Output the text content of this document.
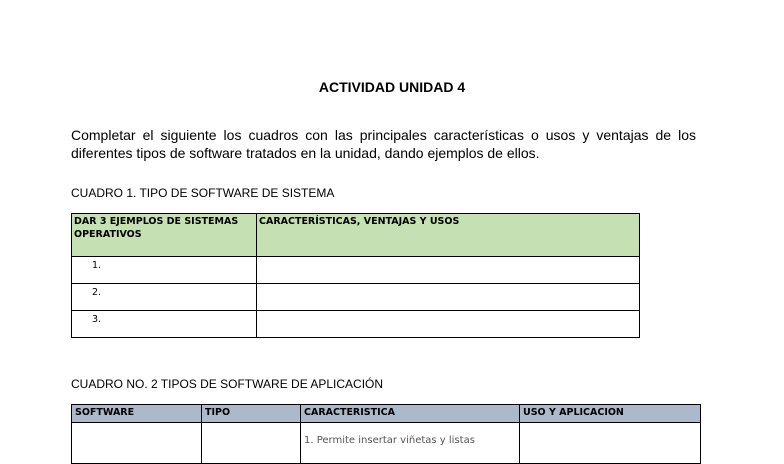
ACTIVIDAD UNIDAD 4
Completar el siguiente los cuadros con las principales características o usos y ventajas de los diferentes tipos de software tratados en la unidad, dando ejemplos de ellos.
CUADRO 1. TIPO DE SOFTWARE DE SISTEMA
DAR 3 EJEMPLOS DE SISTEMAS OPERATIVOS	CARACTERÍSTICAS, VENTAJAS Y USOS
1.	
2.	
3.	
CUADRO NO. 2 TIPOS DE SOFTWARE DE APLICACIÓN
SOFTWARE	TIPO	CARACTERISTICA	USO Y APLICACION

		1. Permite insertar viñetas y listas	
